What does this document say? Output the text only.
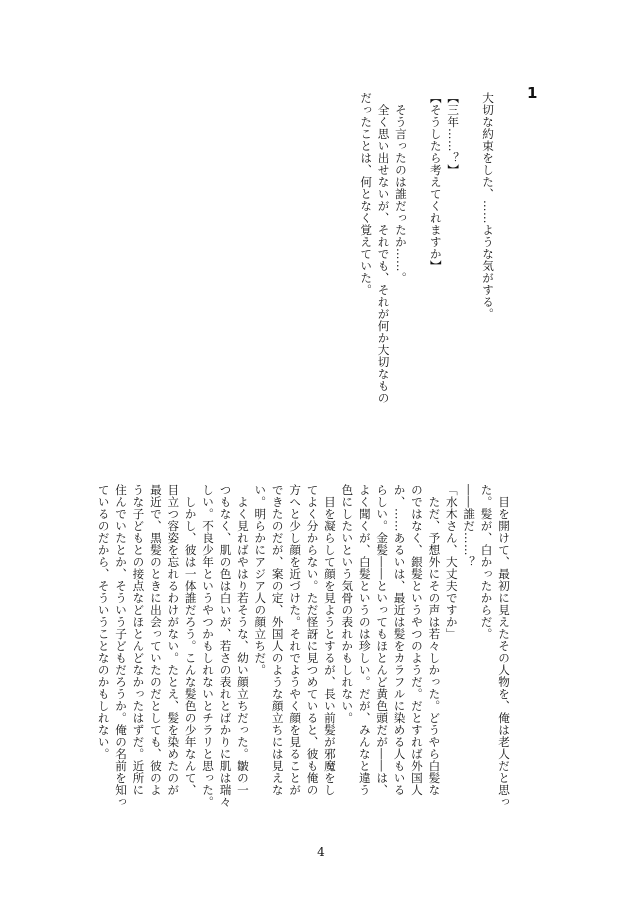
1
大切な約束をした、……ような気がする。

【三年……？】
【そうしたら考えてくれますか】

　そう言ったのは誰だったか……。
　全く思い出せないが、それでも、それが何か大切なもの
だったことは、何となく覚えていた。
　目を開けて、最初に見えたその人物を、俺は老人だと思っ
た。髪が、白かったからだ。
――誰だ……？
「水木さん、大丈夫ですか」
　ただ、予想外にその声は若々しかった。どうやら白髪な
のではなく、銀髪というやつのようだ。だとすれば外国人
か、……あるいは、最近は髪をカラフルに染める人もいる
らしい。金髪――といってもほとんど黄色頭だが――は、
よく聞くが、白髪というのは珍しい。だが、みんなと違う
色にしたいという気骨の表れかもしれない。
　目を凝らして顔を見ようとするが、長い前髪が邪魔をし
てよく分からない。ただ怪訝に見つめていると、彼も俺の
方へと少し顔を近づけた。それでようやく顔を見ることが
できたのだが、案の定、外国人のような顔立ちには見えな
い。明らかにアジア人の顔立ちだ。
　よく見ればやはり若そうな、幼い顔立ちだった。皺の一
つもなく、肌の色は白いが、若さの表れとばかりに肌は瑞々
しい。不良少年というやつかもしれないとチラリと思った。
　しかし、彼は一体誰だろう。こんな髪色の少年なんて、
目立つ容姿を忘れるわけがない。たとえ、髪を染めたのが
最近で、黒髪のときに出会っていたのだとしても、彼のよ
うな子どもとの接点などほとんどなかったはずだ。近所に
住んでいたとか、そういう子どもだろうか。俺の名前を知っ
ているのだから、そういうことなのかもしれない。
4
